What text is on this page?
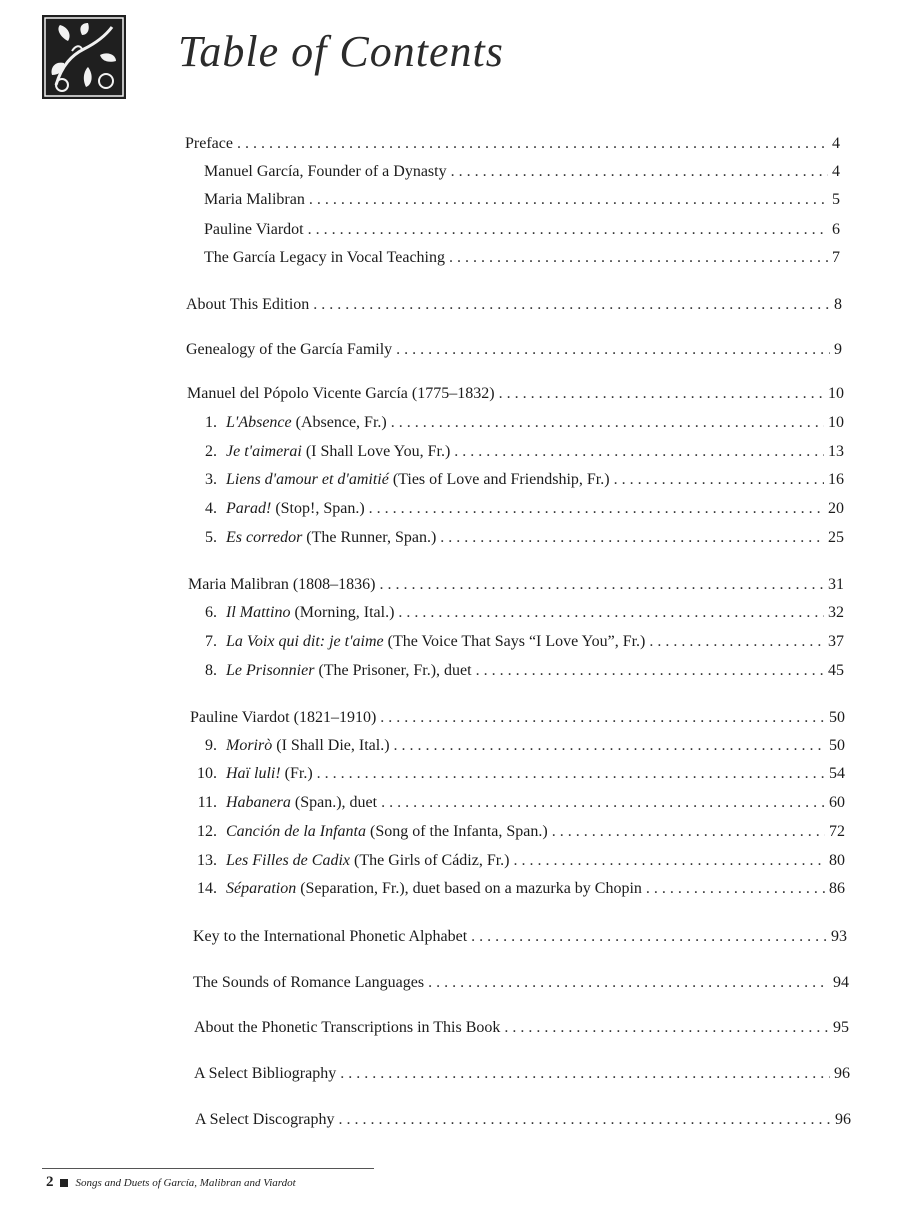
Table of Contents
Preface . . .	4
Manuel García, Founder of a Dynasty . . .	4
Maria Malibran . . .	5
Pauline Viardot . . .	6
The García Legacy in Vocal Teaching . . .	7
About This Edition . . .	8
Genealogy of the García Family . . .	9
Manuel del Pópolo Vicente García (1775–1832) . . .	10
1. L'Absence (Absence, Fr.) . . .	10
2. Je t'aimerai (I Shall Love You, Fr.) . . .	13
3. Liens d'amour et d'amitié (Ties of Love and Friendship, Fr.) . . .	16
4. Parad! (Stop!, Span.) . . .	20
5. Es corredor (The Runner, Span.) . . .	25
Maria Malibran (1808–1836) . . .	31
6. Il Mattino (Morning, Ital.) . . .	32
7. La Voix qui dit: je t'aime (The Voice That Says “I Love You”, Fr.) . . .	37
8. Le Prisonnier (The Prisoner, Fr.), duet . . .	45
Pauline Viardot (1821–1910) . . .	50
9. Morirò (I Shall Die, Ital.) . . .	50
10. Haï luli! (Fr.) . . .	54
11. Habanera (Span.), duet . . .	60
12. Canción de la Infanta (Song of the Infanta, Span.) . . .	72
13. Les Filles de Cadix (The Girls of Cádiz, Fr.) . . .	80
14. Séparation (Separation, Fr.), duet based on a mazurka by Chopin . . .	86
Key to the International Phonetic Alphabet . . .	93
The Sounds of Romance Languages . . .	94
About the Phonetic Transcriptions in This Book . . .	95
A Select Bibliography . . .	96
A Select Discography . . .	96
2 Songs and Duets of García, Malibran and Viardot
